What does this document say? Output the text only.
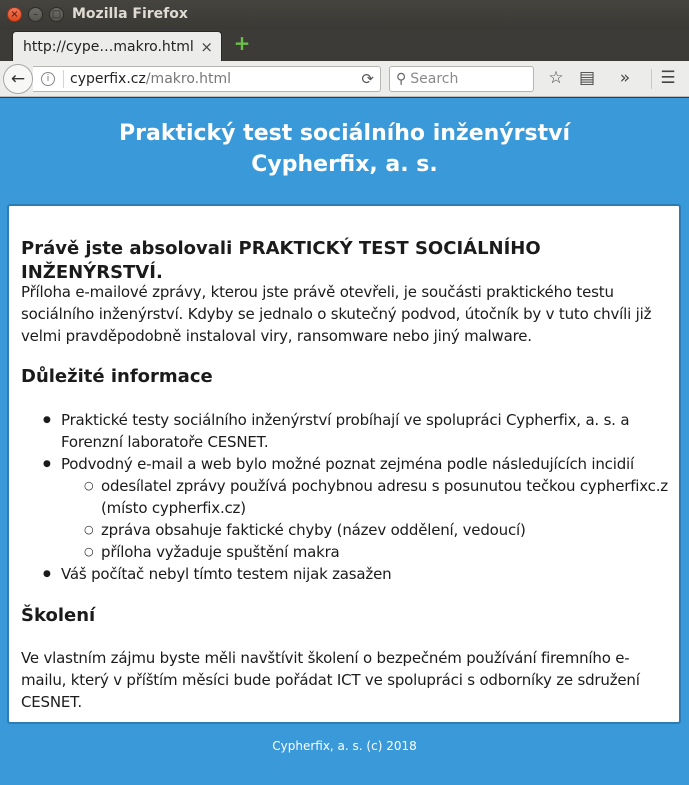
× – □ Mozilla Firefox
http://cype…makro.html × +
←	i	cyperfix.cz/makro.html	⟳ ⚲
Search	☆ ▤	»	☰
Praktický test sociálního inženýrství
Cypherfix, a. s.
Právě jste absolovali PRAKTICKÝ TEST SOCIÁLNÍHO INŽENÝRSTVÍ.

Příloha e-mailové zprávy, kterou jste právě otevřeli, je součásti praktického testu sociálního inženýrství. Kdyby se jednalo o skutečný podvod, útočník by v tuto chvíli již velmi pravděpodobně instaloval viry, ransomware nebo jiný malware.

Důležité informace
● Praktické testy sociálního inženýrství probíhají ve spolupráci Cypherfix, a. s. a Forenzní laboratoře CESNET.
● Podvodný e-mail a web bylo možné poznat zejména podle následujících incidií
○ odesílatel zprávy používá pochybnou adresu s posunutou tečkou cypherfixc.z (místo cypherfix.cz)
○ zpráva obsahuje faktické chyby (název oddělení, vedoucí)
○ příloha vyžaduje spuštění makra
● Váš počítač nebyl tímto testem nijak zasažen
Školení

Ve vlastním zájmu byste měli navštívit školení o bezpečném používání firemního e-mailu, který v příštím měsíci bude pořádat ICT ve spolupráci s odborníky ze sdružení CESNET.

Cypherfix, a. s. (c) 2018
